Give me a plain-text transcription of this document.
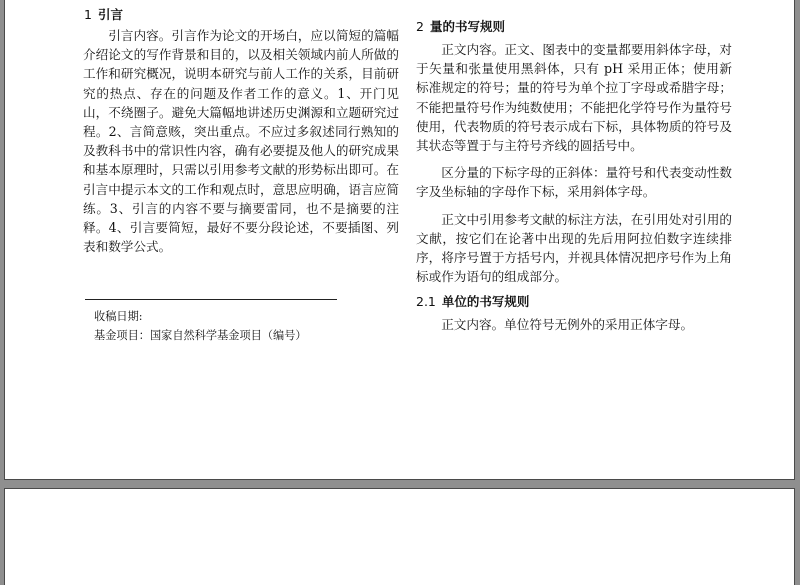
1 引言

引言内容。引言作为论文的开场白，应以简短的篇幅介绍论文的写作背景和目的，以及相关领域内前人所做的工作和研究概况，说明本研究与前人工作的关系，目前研究的热点、存在的问题及作者工作的意义。1、开门见山，不绕圈子。避免大篇幅地讲述历史渊源和立题研究过程。2、言简意赅，突出重点。不应过多叙述同行熟知的及教科书中的常识性内容，确有必要提及他人的研究成果和基本原理时，只需以引用参考文献的形势标出即可。在引言中提示本文的工作和观点时，意思应明确，语言应简练。3、引言的内容不要与摘要雷同，也不是摘要的注释。4、引言要简短，最好不要分段论述，不要插图、列表和数学公式。

收稿日期:
基金项目：国家自然科学基金项目（编号）
2 量的书写规则

正文内容。正文、图表中的变量都要用斜体字母，对于矢量和张量使用黑斜体，只有 pH 采用正体；使用新标准规定的符号；量的符号为单个拉丁字母或希腊字母；不能把量符号作为纯数使用；不能把化学符号作为量符号使用，代表物质的符号表示成右下标，具体物质的符号及其状态等置于与主符号齐线的圆括号中。

区分量的下标字母的正斜体：量符号和代表变动性数字及坐标轴的字母作下标，采用斜体字母。

正文中引用参考文献的标注方法，在引用处对引用的文献，按它们在论著中出现的先后用阿拉伯数字连续排序，将序号置于方括号内，并视具体情况把序号作为上角标或作为语句的组成部分。

2.1 单位的书写规则

正文内容。单位符号无例外的采用正体字母。
